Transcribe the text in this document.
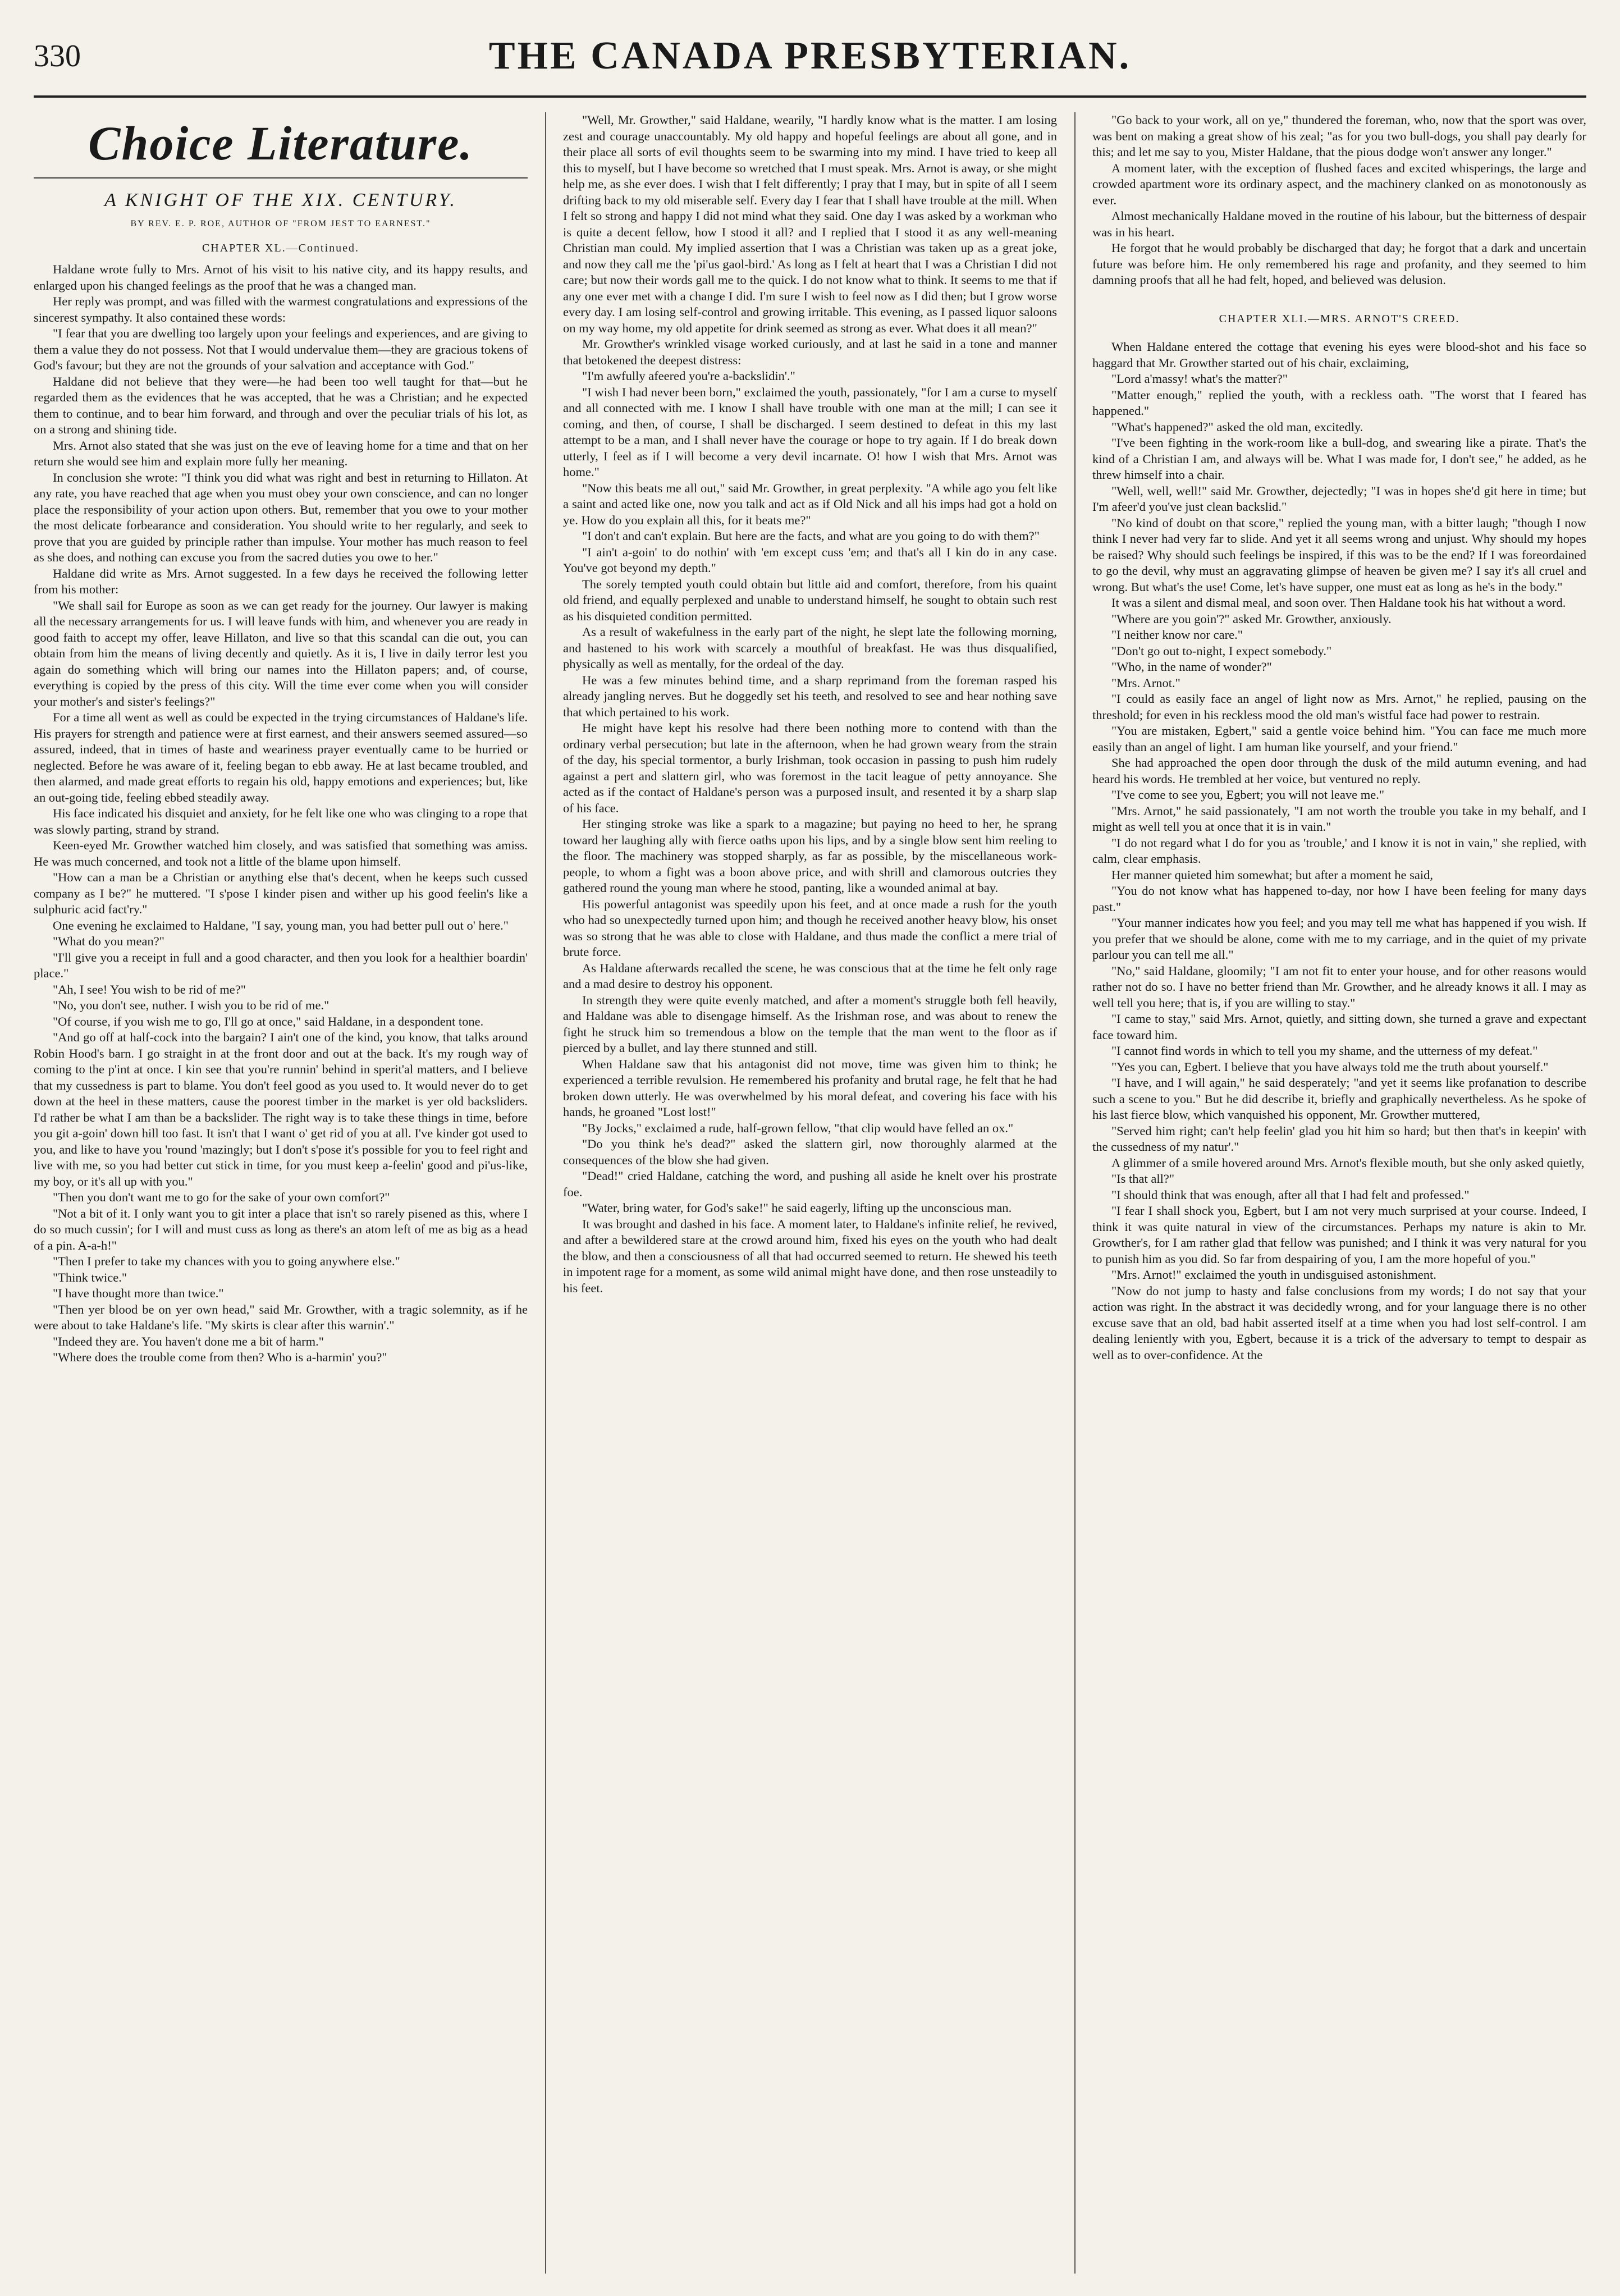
330	THE CANADA PRESBYTERIAN.
Choice Literature.
A KNIGHT OF THE XIX. CENTURY.
BY REV. E. P. ROE, AUTHOR OF "FROM JEST TO EARNEST."
CHAPTER XL.—Continued.

Haldane wrote fully to Mrs. Arnot of his visit to his native city, and its happy results, and enlarged upon his changed feelings as the proof that he was a changed man.

Her reply was prompt, and was filled with the warmest congratulations and expressions of the sincerest sympathy. It also contained these words:

"I fear that you are dwelling too largely upon your feelings and experiences, and are giving to them a value they do not possess. Not that I would undervalue them—they are gracious tokens of God's favour; but they are not the grounds of your salvation and acceptance with God."

Haldane did not believe that they were—he had been too well taught for that—but he regarded them as the evidences that he was accepted, that he was a Christian; and he expected them to continue, and to bear him forward, and through and over the peculiar trials of his lot, as on a strong and shining tide.

Mrs. Arnot also stated that she was just on the eve of leaving home for a time and that on her return she would see him and explain more fully her meaning.

In conclusion she wrote: "I think you did what was right and best in returning to Hillaton. At any rate, you have reached that age when you must obey your own conscience, and can no longer place the responsibility of your action upon others. But, remember that you owe to your mother the most delicate forbearance and consideration. You should write to her regularly, and seek to prove that you are guided by principle rather than impulse. Your mother has much reason to feel as she does, and nothing can excuse you from the sacred duties you owe to her."

Haldane did write as Mrs. Arnot suggested. In a few days he received the following letter from his mother:

"We shall sail for Europe as soon as we can get ready for the journey. Our lawyer is making all the necessary arrangements for us. I will leave funds with him, and whenever you are ready in good faith to accept my offer, leave Hillaton, and live so that this scandal can die out, you can obtain from him the means of living decently and quietly. As it is, I live in daily terror lest you again do something which will bring our names into the Hillaton papers; and, of course, everything is copied by the press of this city. Will the time ever come when you will consider your mother's and sister's feelings?"

For a time all went as well as could be expected in the trying circumstances of Haldane's life. His prayers for strength and patience were at first earnest, and their answers seemed assured—so assured, indeed, that in times of haste and weariness prayer eventually came to be hurried or neglected. Before he was aware of it, feeling began to ebb away. He at last became troubled, and then alarmed, and made great efforts to regain his old, happy emotions and experiences; but, like an out-going tide, feeling ebbed steadily away.

His face indicated his disquiet and anxiety, for he felt like one who was clinging to a rope that was slowly parting, strand by strand.

Keen-eyed Mr. Growther watched him closely, and was satisfied that something was amiss. He was much concerned, and took not a little of the blame upon himself.

"How can a man be a Christian or anything else that's decent, when he keeps such cussed company as I be?" he muttered. "I s'pose I kinder pisen and wither up his good feelin's like a sulphuric acid fact'ry."

One evening he exclaimed to Haldane, "I say, young man, you had better pull out o' here."

"What do you mean?"

"I'll give you a receipt in full and a good character, and then you look for a healthier boardin' place."

"Ah, I see! You wish to be rid of me?"

"No, you don't see, nuther. I wish you to be rid of me."

"Of course, if you wish me to go, I'll go at once," said Haldane, in a despondent tone.

"And go off at half-cock into the bargain? I ain't one of the kind, you know, that talks around Robin Hood's barn. I go straight in at the front door and out at the back. It's my rough way of coming to the p'int at once. I kin see that you're runnin' behind in sperit'al matters, and I believe that my cussedness is part to blame. You don't feel good as you used to. It would never do to get down at the heel in these matters, cause the poorest timber in the market is yer old backsliders. I'd rather be what I am than be a backslider. The right way is to take these things in time, before you git a-goin' down hill too fast. It isn't that I want o' get rid of you at all. I've kinder got used to you, and like to have you 'round 'mazingly; but I don't s'pose it's possible for you to feel right and live with me, so you had better cut stick in time, for you must keep a-feelin' good and pi'us-like, my boy, or it's all up with you."

"Then you don't want me to go for the sake of your own comfort?"

"Not a bit of it. I only want you to git inter a place that isn't so rarely pisened as this, where I do so much cussin'; for I will and must cuss as long as there's an atom left of me as big as a head of a pin. A-a-h!"

"Then I prefer to take my chances with you to going anywhere else."

"Think twice."

"I have thought more than twice."

"Then yer blood be on yer own head," said Mr. Growther, with a tragic solemnity, as if he were about to take Haldane's life. "My skirts is clear after this warnin'."

"Indeed they are. You haven't done me a bit of harm."

"Where does the trouble come from then? Who is a-harmin' you?"

"Well, Mr. Growther," said Haldane, wearily, "I hardly know what is the matter. I am losing zest and courage unaccountably. My old happy and hopeful feelings are about all gone, and in their place all sorts of evil thoughts seem to be swarming into my mind. I have tried to keep all this to myself, but I have become so wretched that I must speak. Mrs. Arnot is away, or she might help me, as she ever does. I wish that I felt differently; I pray that I may, but in spite of all I seem drifting back to my old miserable self. Every day I fear that I shall have trouble at the mill. When I felt so strong and happy I did not mind what they said. One day I was asked by a workman who is quite a decent fellow, how I stood it all? and I replied that I stood it as any well-meaning Christian man could. My implied assertion that I was a Christian was taken up as a great joke, and now they call me the 'pi'us gaol-bird.' As long as I felt at heart that I was a Christian I did not care; but now their words gall me to the quick. I do not know what to think. It seems to me that if any one ever met with a change I did. I'm sure I wish to feel now as I did then; but I grow worse every day. I am losing self-control and growing irritable. This evening, as I passed liquor saloons on my way home, my old appetite for drink seemed as strong as ever. What does it all mean?"

Mr. Growther's wrinkled visage worked curiously, and at last he said in a tone and manner that betokened the deepest distress:

"I'm awfully afeered you're a-backslidin'."

"I wish I had never been born," exclaimed the youth, passionately, "for I am a curse to myself and all connected with me. I know I shall have trouble with one man at the mill; I can see it coming, and then, of course, I shall be discharged. I seem destined to defeat in this my last attempt to be a man, and I shall never have the courage or hope to try again. If I do break down utterly, I feel as if I will become a very devil incarnate. O! how I wish that Mrs. Arnot was home."

"Now this beats me all out," said Mr. Growther, in great perplexity. "A while ago you felt like a saint and acted like one, now you talk and act as if Old Nick and all his imps had got a hold on ye. How do you explain all this, for it beats me?"

"I don't and can't explain. But here are the facts, and what are you going to do with them?"

"I ain't a-goin' to do nothin' with 'em except cuss 'em; and that's all I kin do in any case. You've got beyond my depth."

The sorely tempted youth could obtain but little aid and comfort, therefore, from his quaint old friend, and equally perplexed and unable to understand himself, he sought to obtain such rest as his disquieted condition permitted.

As a result of wakefulness in the early part of the night, he slept late the following morning, and hastened to his work with scarcely a mouthful of breakfast. He was thus disqualified, physically as well as mentally, for the ordeal of the day.

He was a few minutes behind time, and a sharp reprimand from the foreman rasped his already jangling nerves. But he doggedly set his teeth, and resolved to see and hear nothing save that which pertained to his work.

He might have kept his resolve had there been nothing more to contend with than the ordinary verbal persecution; but late in the afternoon, when he had grown weary from the strain of the day, his special tormentor, a burly Irishman, took occasion in passing to push him rudely against a pert and slattern girl, who was foremost in the tacit league of petty annoyance. She acted as if the contact of Haldane's person was a purposed insult, and resented it by a sharp slap of his face.

Her stinging stroke was like a spark to a magazine; but paying no heed to her, he sprang toward her laughing ally with fierce oaths upon his lips, and by a single blow sent him reeling to the floor. The machinery was stopped sharply, as far as possible, by the miscellaneous work-people, to whom a fight was a boon above price, and with shrill and clamorous outcries they gathered round the young man where he stood, panting, like a wounded animal at bay.

His powerful antagonist was speedily upon his feet, and at once made a rush for the youth who had so unexpectedly turned upon him; and though he received another heavy blow, his onset was so strong that he was able to close with Haldane, and thus made the conflict a mere trial of brute force.

As Haldane afterwards recalled the scene, he was conscious that at the time he felt only rage and a mad desire to destroy his opponent.

In strength they were quite evenly matched, and after a moment's struggle both fell heavily, and Haldane was able to disengage himself. As the Irishman rose, and was about to renew the fight he struck him so tremendous a blow on the temple that the man went to the floor as if pierced by a bullet, and lay there stunned and still.

When Haldane saw that his antagonist did not move, time was given him to think; he experienced a terrible revulsion. He remembered his profanity and brutal rage, he felt that he had broken down utterly. He was overwhelmed by his moral defeat, and covering his face with his hands, he groaned "Lost lost!"

"By Jocks," exclaimed a rude, half-grown fellow, "that clip would have felled an ox."

"Do you think he's dead?" asked the slattern girl, now thoroughly alarmed at the consequences of the blow she had given.

"Dead!" cried Haldane, catching the word, and pushing all aside he knelt over his prostrate foe.

"Water, bring water, for God's sake!" he said eagerly, lifting up the unconscious man.

It was brought and dashed in his face. A moment later, to Haldane's infinite relief, he revived, and after a bewildered stare at the crowd around him, fixed his eyes on the youth who had dealt the blow, and then a consciousness of all that had occurred seemed to return. He shewed his teeth in impotent rage for a moment, as some wild animal might have done, and then rose unsteadily to his feet.

"Go back to your work, all on ye," thundered the foreman, who, now that the sport was over, was bent on making a great show of his zeal; "as for you two bull-dogs, you shall pay dearly for this; and let me say to you, Mister Haldane, that the pious dodge won't answer any longer."

A moment later, with the exception of flushed faces and excited whisperings, the large and crowded apartment wore its ordinary aspect, and the machinery clanked on as monotonously as ever.

Almost mechanically Haldane moved in the routine of his labour, but the bitterness of despair was in his heart.

He forgot that he would probably be discharged that day; he forgot that a dark and uncertain future was before him. He only remembered his rage and profanity, and they seemed to him damning proofs that all he had felt, hoped, and believed was delusion.

CHAPTER XLI.—MRS. ARNOT'S CREED.

When Haldane entered the cottage that evening his eyes were blood-shot and his face so haggard that Mr. Growther started out of his chair, exclaiming,

"Lord a'massy! what's the matter?"

"Matter enough," replied the youth, with a reckless oath. "The worst that I feared has happened."

"What's happened?" asked the old man, excitedly.

"I've been fighting in the work-room like a bull-dog, and swearing like a pirate. That's the kind of a Christian I am, and always will be. What I was made for, I don't see," he added, as he threw himself into a chair.

"Well, well, well!" said Mr. Growther, dejectedly; "I was in hopes she'd git here in time; but I'm afeer'd you've just clean backslid."

"No kind of doubt on that score," replied the young man, with a bitter laugh; "though I now think I never had very far to slide. And yet it all seems wrong and unjust. Why should my hopes be raised? Why should such feelings be inspired, if this was to be the end? If I was foreordained to go the devil, why must an aggravating glimpse of heaven be given me? I say it's all cruel and wrong. But what's the use! Come, let's have supper, one must eat as long as he's in the body."

It was a silent and dismal meal, and soon over. Then Haldane took his hat without a word.

"Where are you goin'?" asked Mr. Growther, anxiously.

"I neither know nor care."

"Don't go out to-night, I expect somebody."

"Who, in the name of wonder?"

"Mrs. Arnot."

"I could as easily face an angel of light now as Mrs. Arnot," he replied, pausing on the threshold; for even in his reckless mood the old man's wistful face had power to restrain.

"You are mistaken, Egbert," said a gentle voice behind him. "You can face me much more easily than an angel of light. I am human like yourself, and your friend."

She had approached the open door through the dusk of the mild autumn evening, and had heard his words. He trembled at her voice, but ventured no reply.

"I've come to see you, Egbert; you will not leave me."

"Mrs. Arnot," he said passionately, "I am not worth the trouble you take in my behalf, and I might as well tell you at once that it is in vain."

"I do not regard what I do for you as 'trouble,' and I know it is not in vain," she replied, with calm, clear emphasis.

Her manner quieted him somewhat; but after a moment he said,

"You do not know what has happened to-day, nor how I have been feeling for many days past."

"Your manner indicates how you feel; and you may tell me what has happened if you wish. If you prefer that we should be alone, come with me to my carriage, and in the quiet of my private parlour you can tell me all."

"No," said Haldane, gloomily; "I am not fit to enter your house, and for other reasons would rather not do so. I have no better friend than Mr. Growther, and he already knows it all. I may as well tell you here; that is, if you are willing to stay."

"I came to stay," said Mrs. Arnot, quietly, and sitting down, she turned a grave and expectant face toward him.

"I cannot find words in which to tell you my shame, and the utterness of my defeat."

"Yes you can, Egbert. I believe that you have always told me the truth about yourself."

"I have, and I will again," he said desperately; "and yet it seems like profanation to describe such a scene to you." But he did describe it, briefly and graphically nevertheless. As he spoke of his last fierce blow, which vanquished his opponent, Mr. Growther muttered,

"Served him right; can't help feelin' glad you hit him so hard; but then that's in keepin' with the cussedness of my natur'."

A glimmer of a smile hovered around Mrs. Arnot's flexible mouth, but she only asked quietly,

"Is that all?"

"I should think that was enough, after all that I had felt and professed."

"I fear I shall shock you, Egbert, but I am not very much surprised at your course. Indeed, I think it was quite natural in view of the circumstances. Perhaps my nature is akin to Mr. Growther's, for I am rather glad that fellow was punished; and I think it was very natural for you to punish him as you did. So far from despairing of you, I am the more hopeful of you."

"Mrs. Arnot!" exclaimed the youth in undisguised astonishment.

"Now do not jump to hasty and false conclusions from my words; I do not say that your action was right. In the abstract it was decidedly wrong, and for your language there is no other excuse save that an old, bad habit asserted itself at a time when you had lost self-control. I am dealing leniently with you, Egbert, because it is a trick of the adversary to tempt to despair as well as to over-confidence. At the
